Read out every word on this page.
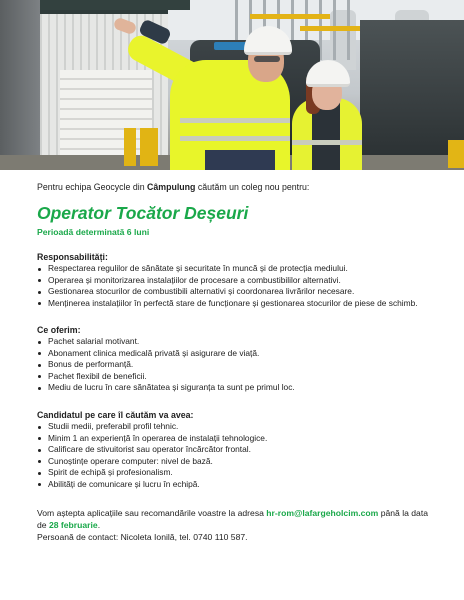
Pentru echipa Geocycle din Câmpulung căutăm un coleg nou pentru:
Operator Tocător Deșeuri
Perioadă determinată 6 luni
Responsabilități:
Respectarea regulilor de sănătate și securitate în muncă și de protecția mediului.
Operarea și monitorizarea instalațiilor de procesare a combustibililor alternativi.
Gestionarea stocurilor de combustibili alternativi și coordonarea livrărilor necesare.
Menținerea instalațiilor în perfectă stare de funcționare și gestionarea stocurilor de piese de schimb.
Ce oferim:
Pachet salarial motivant.
Abonament clinica medicală privată și asigurare de viață.
Bonus de performanță.
Pachet flexibil de beneficii.
Mediu de lucru în care sănătatea și siguranța ta sunt pe primul loc.
Candidatul pe care îl căutăm va avea:
Studii medii, preferabil profil tehnic.
Minim 1 an experiență în operarea de instalații tehnologice.
Calificare de stivuitorist sau operator încărcător frontal.
Cunoștințe operare computer: nivel de bază.
Spirit de echipă și profesionalism.
Abilități de comunicare și lucru în echipă.
Vom aștepta aplicațiile sau recomandările voastre la adresa hr-rom@lafargeholcim.com până la data
de 28 februarie.
Persoană de contact: Nicoleta Ionilă, tel. 0740 110 587.
